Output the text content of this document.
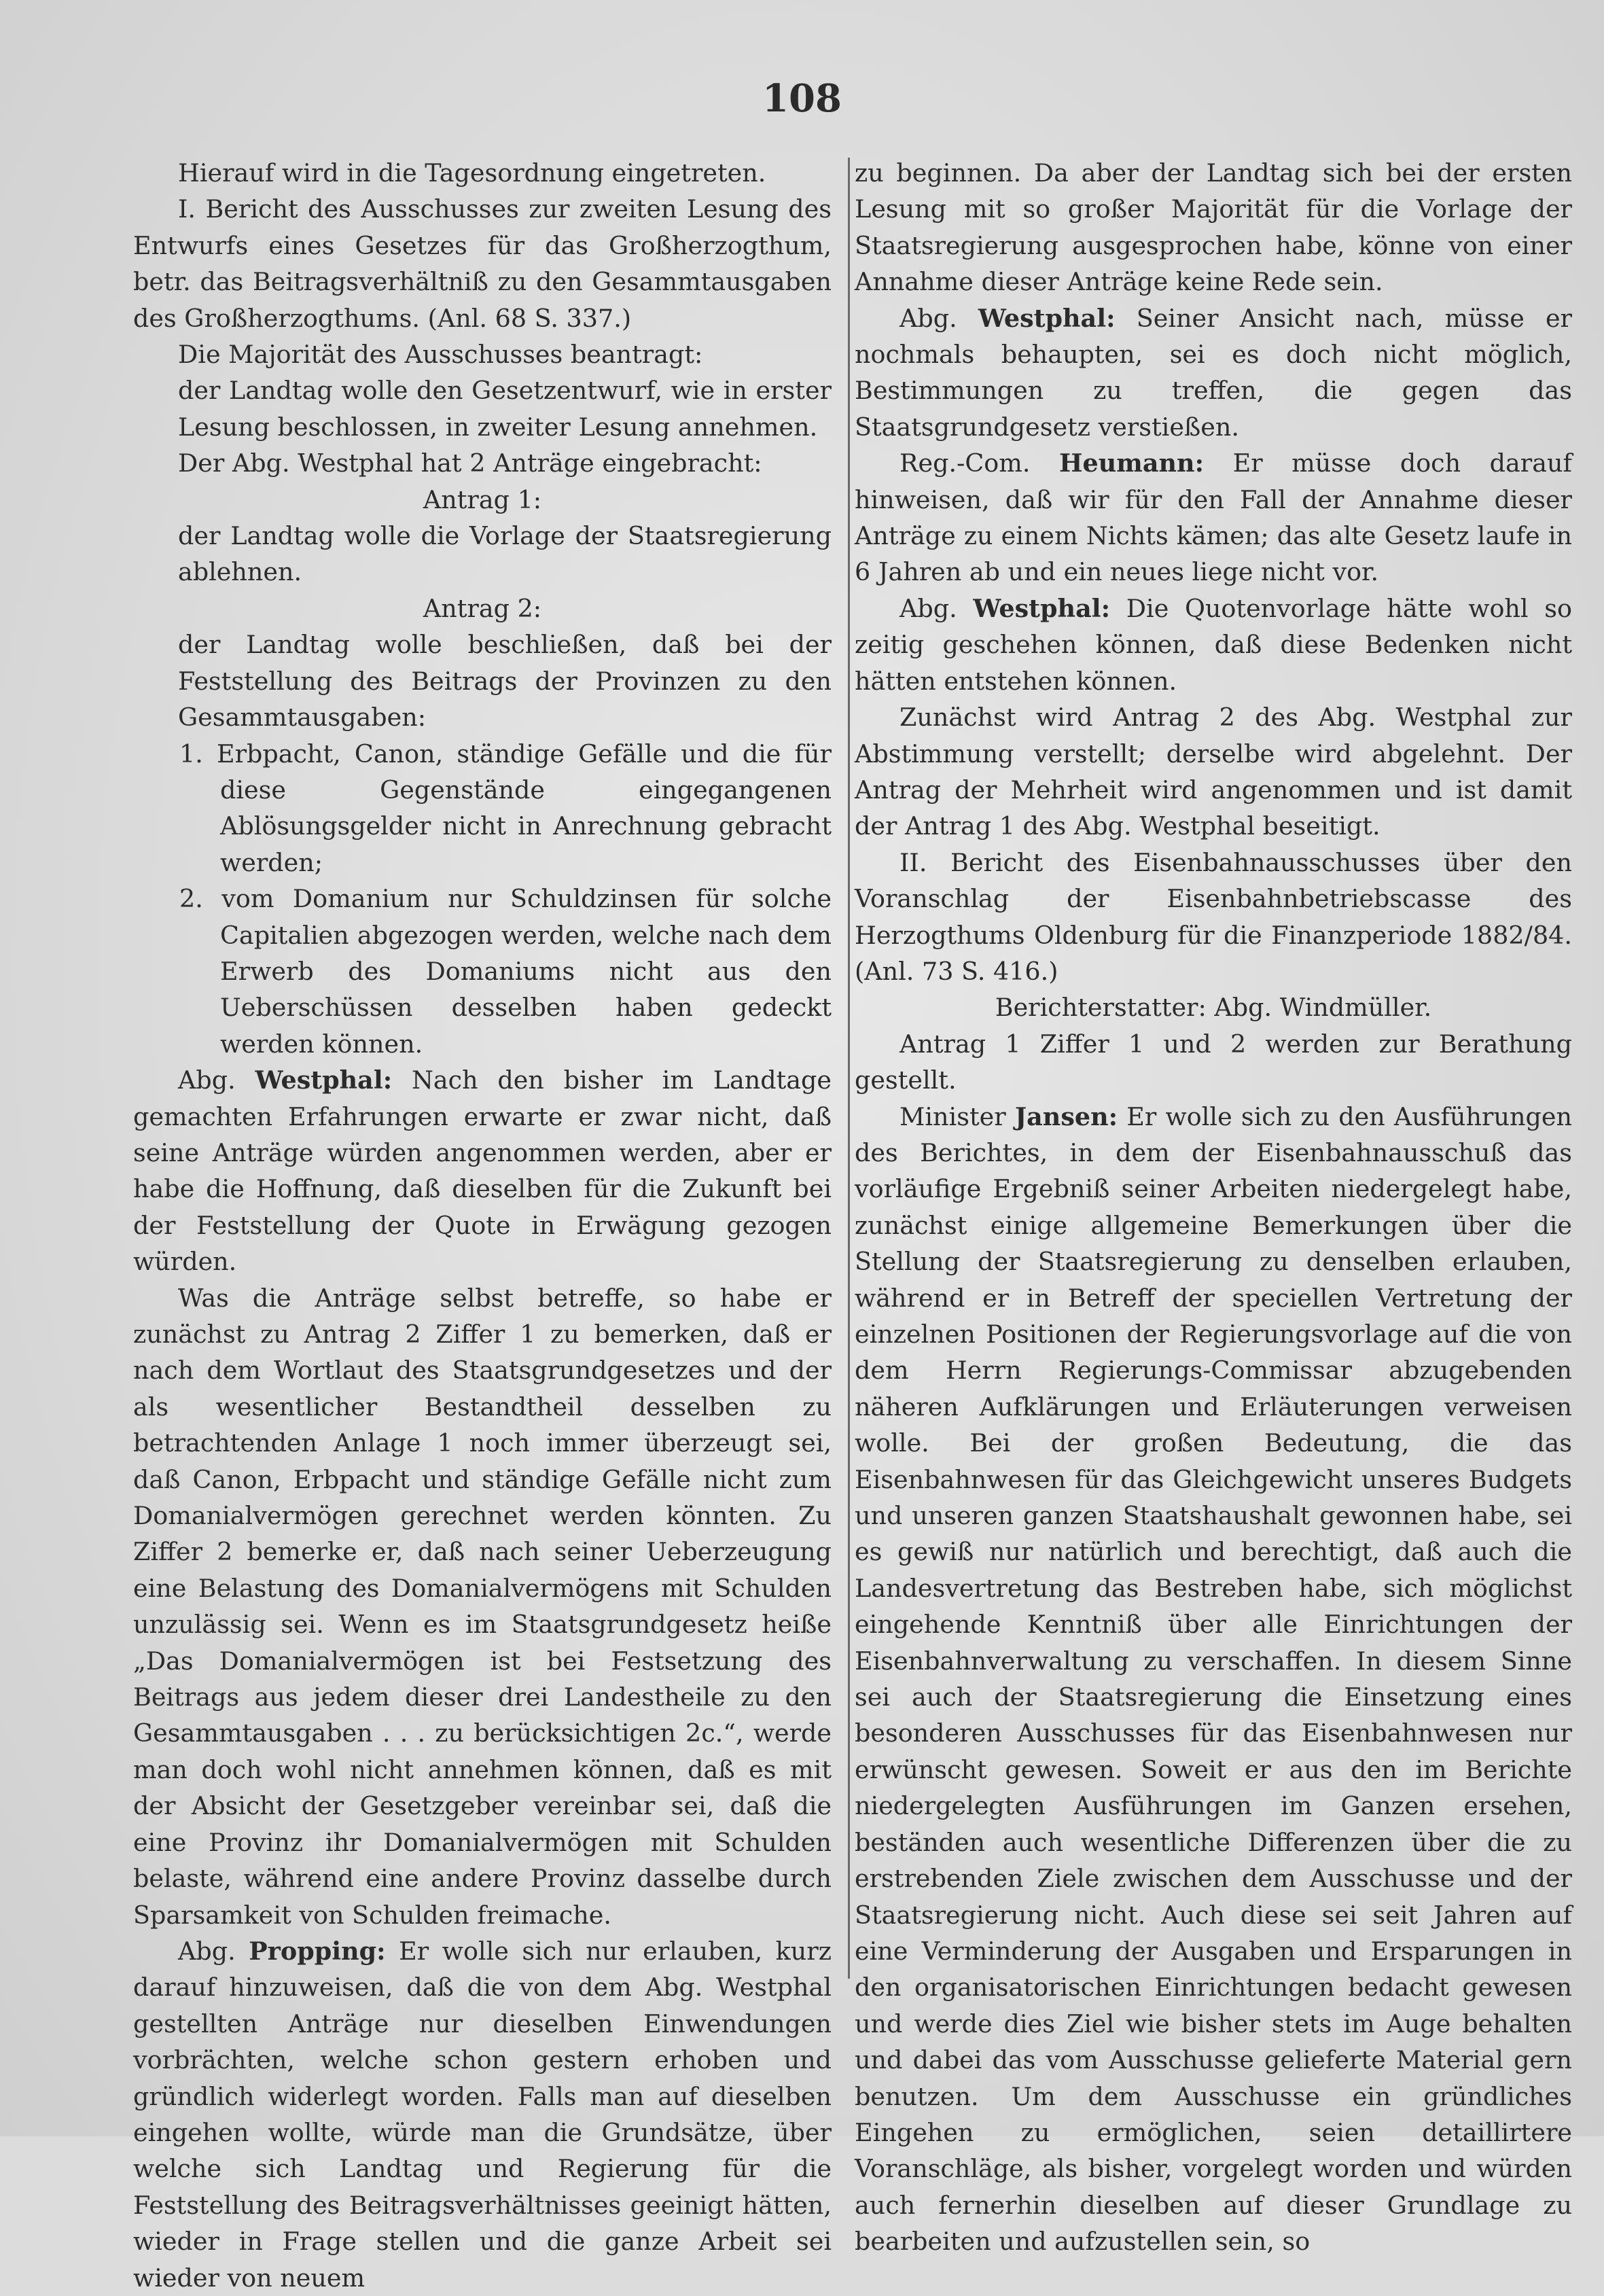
108

Hierauf wird in die Tagesordnung eingetreten.

I. Bericht des Ausschusses zur zweiten Lesung des Entwurfs eines Gesetzes für das Großherzogthum, betr. das Beitragsverhältniß zu den Gesammtausgaben des Großherzogthums. (Anl. 68 S. 337.)

Die Majorität des Ausschusses beantragt:

der Landtag wolle den Gesetzentwurf, wie in erster Lesung beschlossen, in zweiter Lesung annehmen.

Der Abg. Westphal hat 2 Anträge eingebracht:

Antrag 1:

der Landtag wolle die Vorlage der Staatsregierung ablehnen.

Antrag 2:

der Landtag wolle beschließen, daß bei der Feststellung des Beitrags der Provinzen zu den Gesammtausgaben:

1. Erbpacht, Canon, ständige Gefälle und die für diese Gegenstände eingegangenen Ablösungsgelder nicht in Anrechnung gebracht werden;

2. vom Domanium nur Schuldzinsen für solche Capitalien abgezogen werden, welche nach dem Erwerb des Domaniums nicht aus den Ueberschüssen desselben haben gedeckt werden können.

Abg. Westphal: Nach den bisher im Landtage gemachten Erfahrungen erwarte er zwar nicht, daß seine Anträge würden angenommen werden, aber er habe die Hoffnung, daß dieselben für die Zukunft bei der Feststellung der Quote in Erwägung gezogen würden.

Was die Anträge selbst betreffe, so habe er zunächst zu Antrag 2 Ziffer 1 zu bemerken, daß er nach dem Wortlaut des Staatsgrundgesetzes und der als wesentlicher Bestandtheil desselben zu betrachtenden Anlage 1 noch immer überzeugt sei, daß Canon, Erbpacht und ständige Gefälle nicht zum Domanialvermögen gerechnet werden könnten. Zu Ziffer 2 bemerke er, daß nach seiner Ueberzeugung eine Belastung des Domanialvermögens mit Schulden unzulässig sei. Wenn es im Staatsgrundgesetz heiße „Das Domanialvermögen ist bei Festsetzung des Beitrags aus jedem dieser drei Landestheile zu den Gesammtausgaben . . . zu berücksichtigen 2c.“, werde man doch wohl nicht annehmen können, daß es mit der Absicht der Gesetzgeber vereinbar sei, daß die eine Provinz ihr Domanialvermögen mit Schulden belaste, während eine andere Provinz dasselbe durch Sparsamkeit von Schulden freimache.

Abg. Propping: Er wolle sich nur erlauben, kurz darauf hinzuweisen, daß die von dem Abg. Westphal gestellten Anträge nur dieselben Einwendungen vorbrächten, welche schon gestern erhoben und gründlich widerlegt worden. Falls man auf dieselben eingehen wollte, würde man die Grundsätze, über welche sich Landtag und Regierung für die Feststellung des Beitragsverhältnisses geeinigt hätten, wieder in Frage stellen und die ganze Arbeit sei wieder von neuem

zu beginnen. Da aber der Landtag sich bei der ersten Lesung mit so großer Majorität für die Vorlage der Staatsregierung ausgesprochen habe, könne von einer Annahme dieser Anträge keine Rede sein.

Abg. Westphal: Seiner Ansicht nach, müsse er nochmals behaupten, sei es doch nicht möglich, Bestimmungen zu treffen, die gegen das Staatsgrundgesetz verstießen.

Reg.-Com. Heumann: Er müsse doch darauf hinweisen, daß wir für den Fall der Annahme dieser Anträge zu einem Nichts kämen; das alte Gesetz laufe in 6 Jahren ab und ein neues liege nicht vor.

Abg. Westphal: Die Quotenvorlage hätte wohl so zeitig geschehen können, daß diese Bedenken nicht hätten entstehen können.

Zunächst wird Antrag 2 des Abg. Westphal zur Abstimmung verstellt; derselbe wird abgelehnt. Der Antrag der Mehrheit wird angenommen und ist damit der Antrag 1 des Abg. Westphal beseitigt.

II. Bericht des Eisenbahnausschusses über den Voranschlag der Eisenbahnbetriebscasse des Herzogthums Oldenburg für die Finanzperiode 1882/84. (Anl. 73 S. 416.)

Berichterstatter: Abg. Windmüller.

Antrag 1 Ziffer 1 und 2 werden zur Berathung gestellt.

Minister Jansen: Er wolle sich zu den Ausführungen des Berichtes, in dem der Eisenbahnausschuß das vorläufige Ergebniß seiner Arbeiten niedergelegt habe, zunächst einige allgemeine Bemerkungen über die Stellung der Staatsregierung zu denselben erlauben, während er in Betreff der speciellen Vertretung der einzelnen Positionen der Regierungsvorlage auf die von dem Herrn Regierungs-Commissar abzugebenden näheren Aufklärungen und Erläuterungen verweisen wolle. Bei der großen Bedeutung, die das Eisenbahnwesen für das Gleichgewicht unseres Budgets und unseren ganzen Staatshaushalt gewonnen habe, sei es gewiß nur natürlich und berechtigt, daß auch die Landesvertretung das Bestreben habe, sich möglichst eingehende Kenntniß über alle Einrichtungen der Eisenbahnverwaltung zu verschaffen. In diesem Sinne sei auch der Staatsregierung die Einsetzung eines besonderen Ausschusses für das Eisenbahnwesen nur erwünscht gewesen. Soweit er aus den im Berichte niedergelegten Ausführungen im Ganzen ersehen, beständen auch wesentliche Differenzen über die zu erstrebenden Ziele zwischen dem Ausschusse und der Staatsregierung nicht. Auch diese sei seit Jahren auf eine Verminderung der Ausgaben und Ersparungen in den organisatorischen Einrichtungen bedacht gewesen und werde dies Ziel wie bisher stets im Auge behalten und dabei das vom Ausschusse gelieferte Material gern benutzen. Um dem Ausschusse ein gründliches Eingehen zu ermöglichen, seien detaillirtere Voranschläge, als bisher, vorgelegt worden und würden auch fernerhin dieselben auf dieser Grundlage zu bearbeiten und aufzustellen sein, so
